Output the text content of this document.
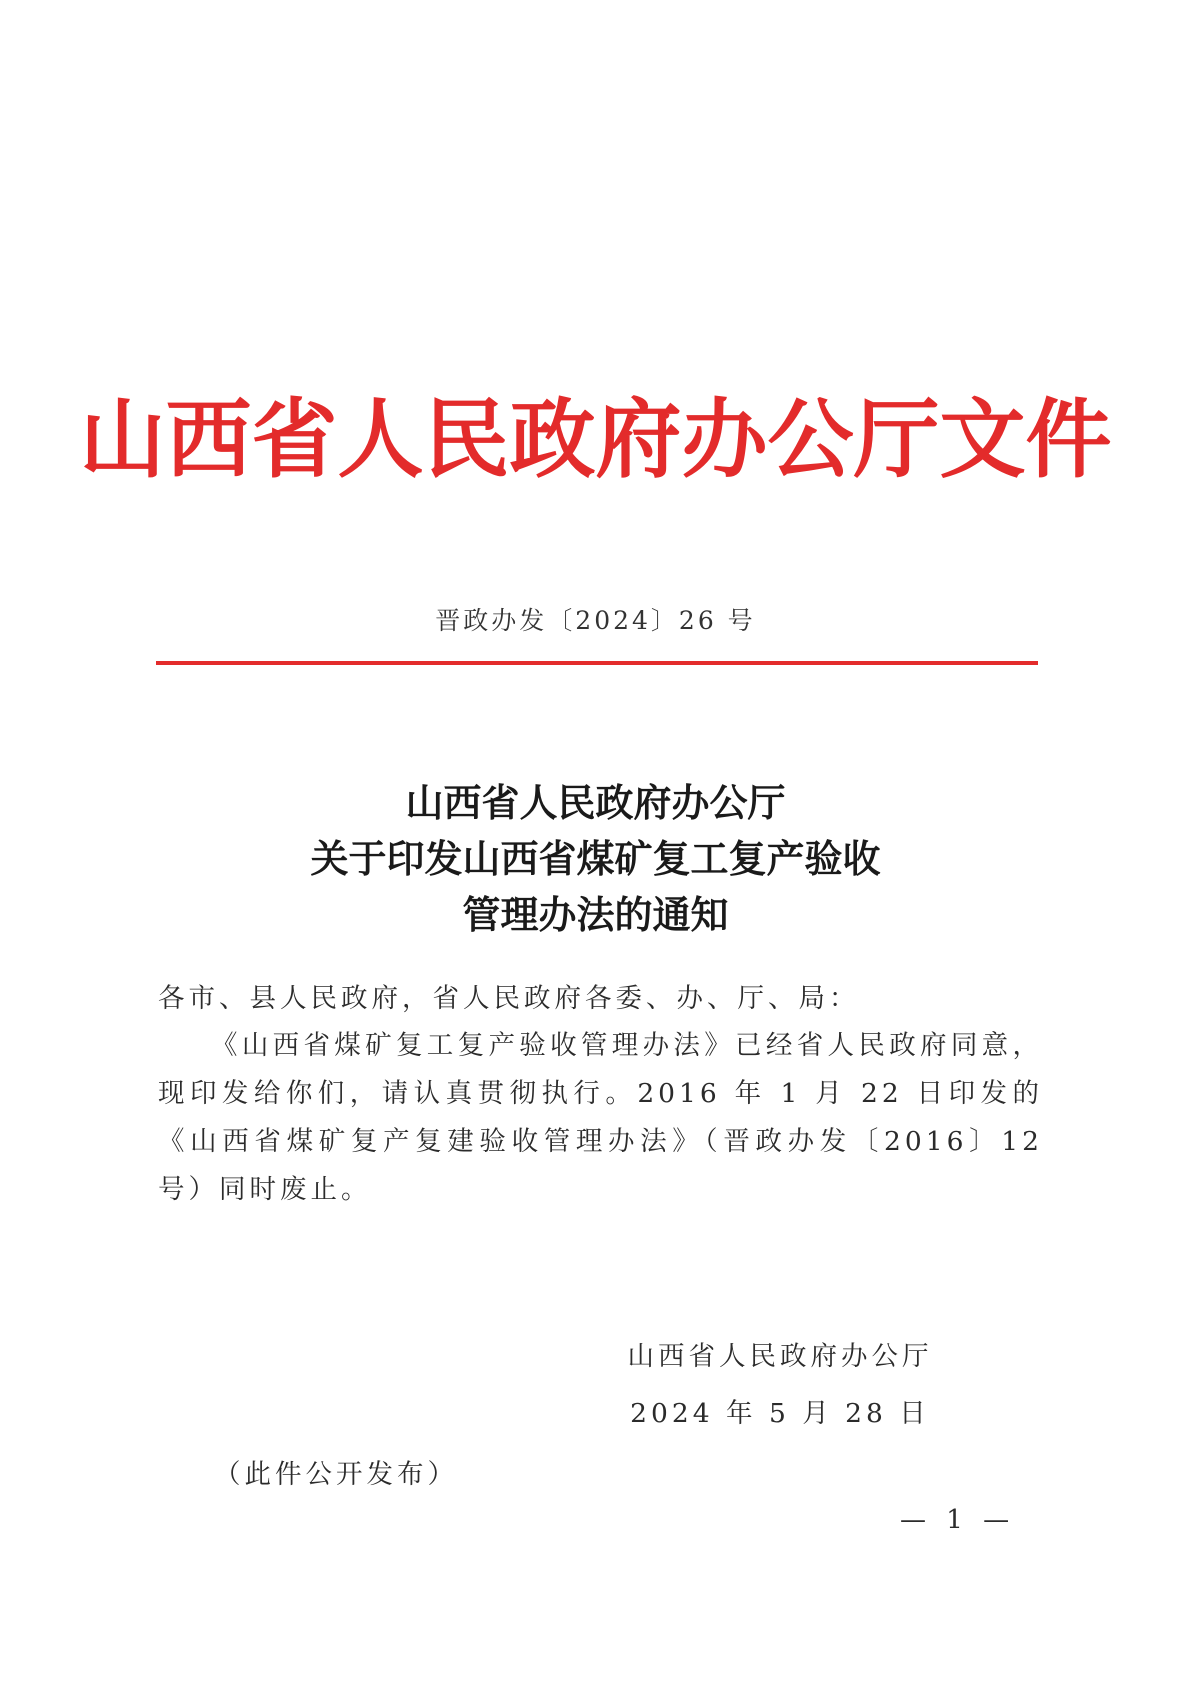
山西省人民政府办公厅文件
晋政办发〔2024〕26 号
山西省人民政府办公厅
关于印发山西省煤矿复工复产验收
管理办法的通知
各市、县人民政府，省人民政府各委、办、厅、局：
《山西省煤矿复工复产验收管理办法》已经省人民政府同意，现印发给你们，请认真贯彻执行。2016 年 1 月 22 日印发的《山西省煤矿复产复建验收管理办法》（晋政办发〔2016〕12 号）同时废止。
山西省人民政府办公厅
2024 年 5 月 28 日
（此件公开发布）
— 1 —
